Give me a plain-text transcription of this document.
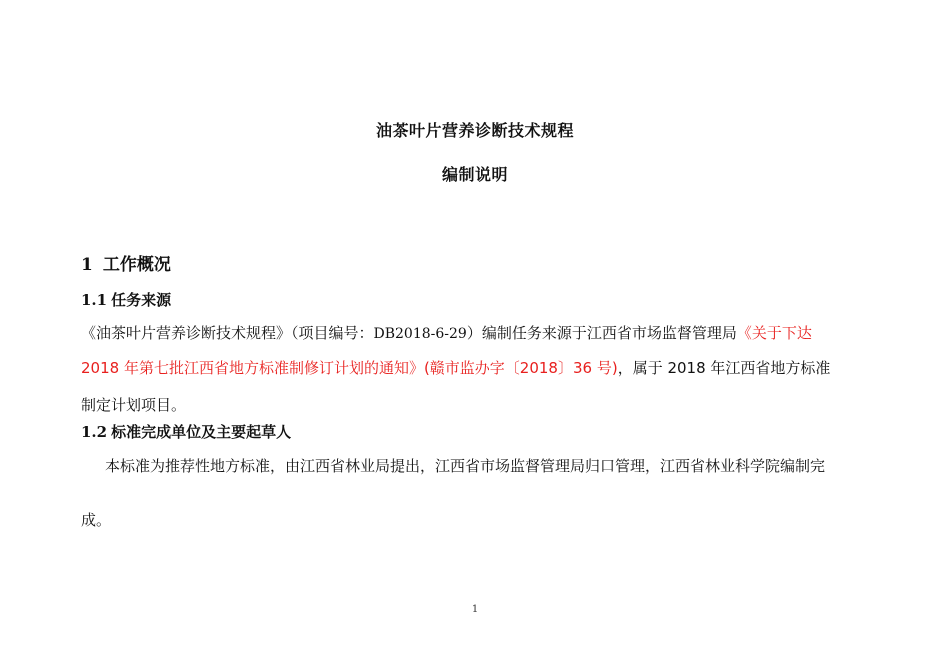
油茶叶片营养诊断技术规程
编制说明
1 工作概况
1.1 任务来源
《油茶叶片营养诊断技术规程》（项目编号：DB2018-6-29）编制任务来源于江西省市场监督管理局《关于下达
2018 年第七批江西省地方标准制修订计划的通知》(赣市监办字〔2018〕36 号)，属于 2018 年江西省地方标准
制定计划项目。
1.2 标准完成单位及主要起草人
本标准为推荐性地方标准，由江西省林业局提出，江西省市场监督管理局归口管理，江西省林业科学院编制完
成。
1
